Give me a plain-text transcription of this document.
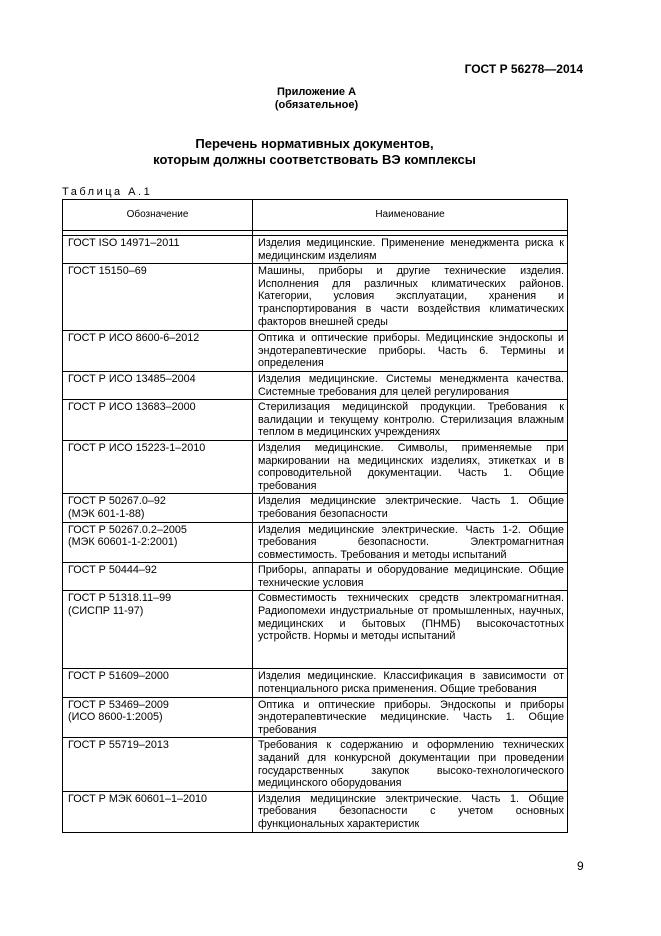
ГОСТ Р 56278—2014
Приложение А
(обязательное)
Перечень нормативных документов,
которым должны соответствовать ВЭ комплексы
Таблица А.1
Обозначение	Наименование

ГОСТ ISO 14971–2011	Изделия медицинские. Применение менеджмента риска к медицинским изделиям
ГОСТ 15150–69	Машины, приборы и другие технические изделия. Исполнения для различных климатических районов. Категории, условия эксплуатации, хранения и транспортирования в части воздействия климатических факторов внешней среды
ГОСТ Р ИСО 8600-6–2012	Оптика и оптические приборы. Медицинские эндоскопы и эндотерапевтические приборы. Часть 6. Термины и определения
ГОСТ Р ИСО 13485–2004	Изделия медицинские. Системы менеджмента качества. Системные требования для целей регулирования
ГОСТ Р ИСО 13683–2000	Стерилизация медицинской продукции. Требования к валидации и текущему контролю. Стерилизация влажным теплом в медицинских учреждениях
ГОСТ Р ИСО 15223-1–2010	Изделия медицинские. Символы, применяемые при маркировании на медицинских изделиях, этикетках и в сопроводительной документации. Часть 1. Общие требования
ГОСТ Р 50267.0–92
(МЭК 601-1-88)	Изделия медицинские электрические. Часть 1. Общие требования безопасности
ГОСТ Р 50267.0.2–2005
(МЭК 60601-1-2:2001)	Изделия медицинские электрические. Часть 1-2. Общие требования безопасности. Электромагнитная совместимость. Требования и методы испытаний
ГОСТ Р 50444–92	Приборы, аппараты и оборудование медицинские. Общие технические условия
ГОСТ Р 51318.11–99
(СИСПР 11-97)	Совместимость технических средств электромагнитная. Радиопомехи индустриальные от промышленных, научных, медицинских и бытовых (ПНМБ) высокочастотных устройств. Нормы и методы испытаний
ГОСТ Р 51609–2000	Изделия медицинские. Классификация в зависимости от потенциального риска применения. Общие требования
ГОСТ Р 53469–2009
(ИСО 8600-1:2005)	Оптика и оптические приборы. Эндоскопы и приборы эндотерапевтические медицинские. Часть 1. Общие требования
ГОСТ Р 55719–2013	Требования к содержанию и оформлению технических заданий для конкурсной документации при проведении государственных закупок высоко-технологического медицинского оборудования
ГОСТ Р МЭК 60601–1–2010	Изделия медицинские электрические. Часть 1. Общие требования безопасности с учетом основных функциональных характеристик
9
